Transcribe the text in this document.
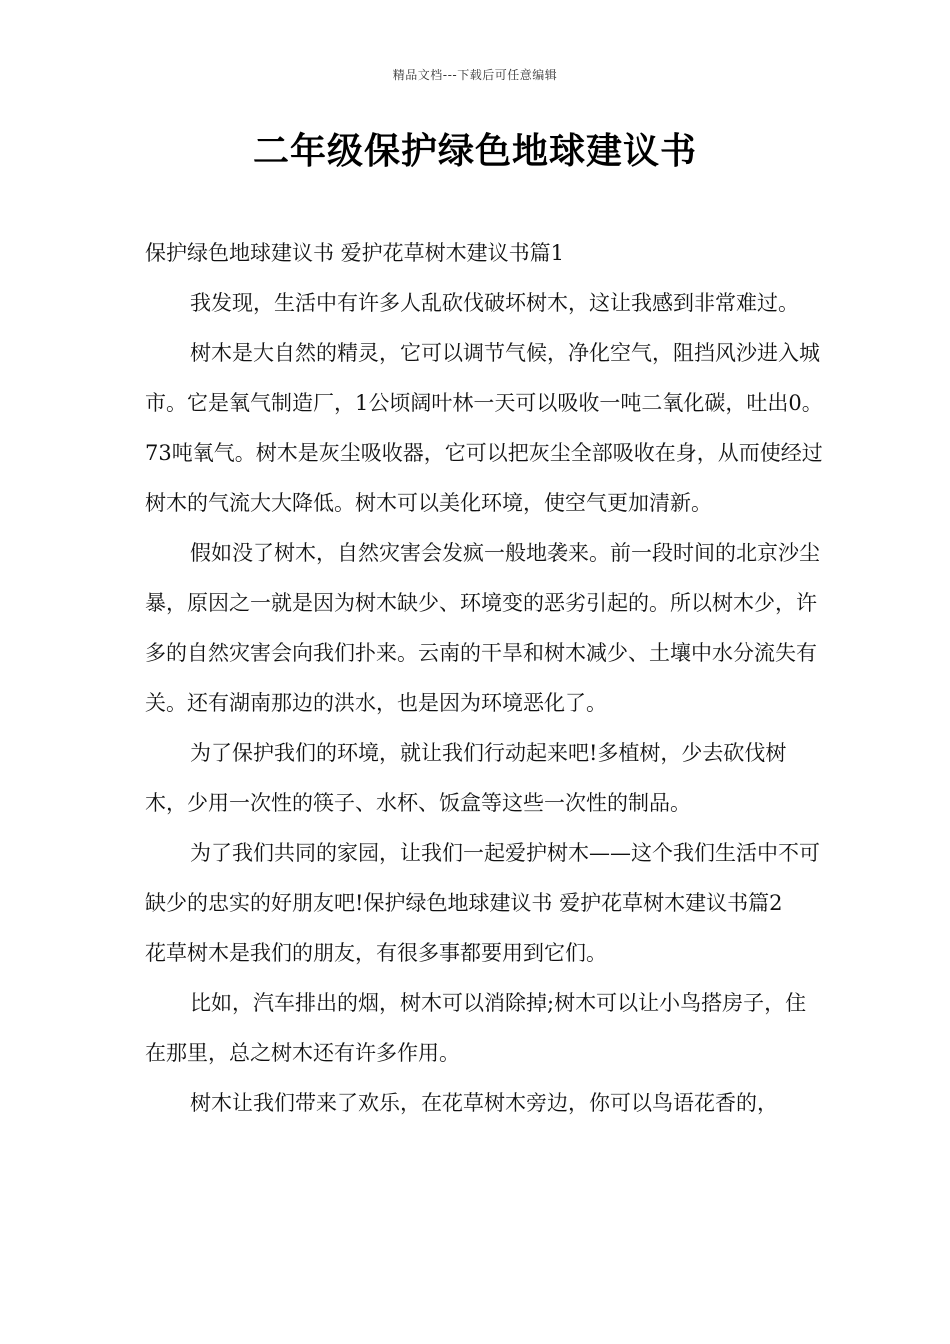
精品文档---下载后可任意编辑
二年级保护绿色地球建议书

保护绿色地球建议书 爱护花草树木建议书篇1

我发现，生活中有许多人乱砍伐破坏树木，这让我感到非常难过。

树木是大自然的精灵，它可以调节气候，净化空气，阻挡风沙进入城市。它是氧气制造厂，1公顷阔叶林一天可以吸收一吨二氧化碳，吐出0。73吨氧气。树木是灰尘吸收器，它可以把灰尘全部吸收在身，从而使经过树木的气流大大降低。树木可以美化环境，使空气更加清新。

假如没了树木，自然灾害会发疯一般地袭来。前一段时间的北京沙尘暴，原因之一就是因为树木缺少、环境变的恶劣引起的。所以树木少，许多的自然灾害会向我们扑来。云南的干旱和树木减少、土壤中水分流失有关。还有湖南那边的洪水，也是因为环境恶化了。

为了保护我们的环境，就让我们行动起来吧!多植树，少去砍伐树木，少用一次性的筷子、水杯、饭盒等这些一次性的制品。

为了我们共同的家园，让我们一起爱护树木——这个我们生活中不可缺少的忠实的好朋友吧!保护绿色地球建议书 爱护花草树木建议书篇2　　花草树木是我们的朋友，有很多事都要用到它们。

比如，汽车排出的烟，树木可以消除掉;树木可以让小鸟搭房子，住在那里，总之树木还有许多作用。

树木让我们带来了欢乐，在花草树木旁边，你可以鸟语花香的，
